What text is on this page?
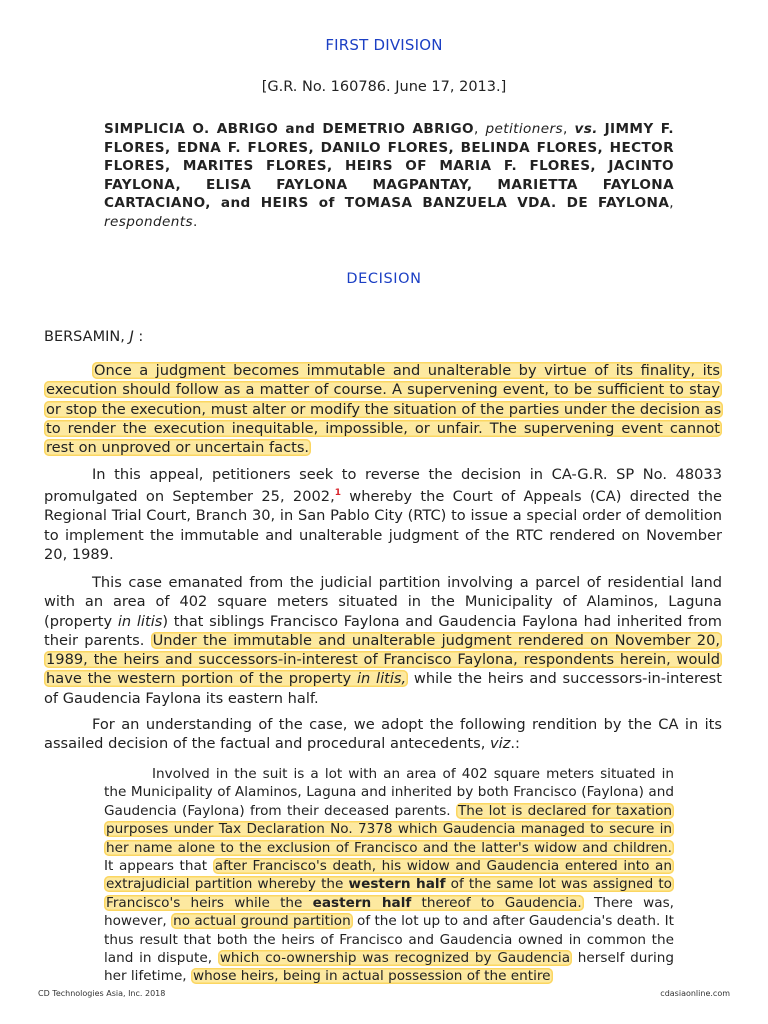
FIRST DIVISION
[G.R. No. 160786. June 17, 2013.]
SIMPLICIA O. ABRIGO and DEMETRIO ABRIGO, petitioners, vs. JIMMY F. FLORES, EDNA F. FLORES, DANILO FLORES, BELINDA FLORES, HECTOR FLORES, MARITES FLORES, HEIRS OF MARIA F. FLORES, JACINTO FAYLONA, ELISA FAYLONA MAGPANTAY, MARIETTA FAYLONA CARTACIANO, and HEIRS of TOMASA BANZUELA VDA. DE FAYLONA, respondents.
DECISION
BERSAMIN, J :
Once a judgment becomes immutable and unalterable by virtue of its finality, its execution should follow as a matter of course. A supervening event, to be sufficient to stay or stop the execution, must alter or modify the situation of the parties under the decision as to render the execution inequitable, impossible, or unfair. The supervening event cannot rest on unproved or uncertain facts.
In this appeal, petitioners seek to reverse the decision in CA-G.R. SP No. 48033 promulgated on September 25, 2002,$^1$ whereby the Court of Appeals (CA) directed the Regional Trial Court, Branch 30, in San Pablo City (RTC) to issue a special order of demolition to implement the immutable and unalterable judgment of the RTC rendered on November 20, 1989.
This case emanated from the judicial partition involving a parcel of residential land with an area of 402 square meters situated in the Municipality of Alaminos, Laguna (property in litis) that siblings Francisco Faylona and Gaudencia Faylona had inherited from their parents. Under the immutable and unalterable judgment rendered on November 20, 1989, the heirs and successors-in-interest of Francisco Faylona, respondents herein, would have the western portion of the property in litis, while the heirs and successors-in-interest of Gaudencia Faylona its eastern half.
For an understanding of the case, we adopt the following rendition by the CA in its assailed decision of the factual and procedural antecedents, viz.:
Involved in the suit is a lot with an area of 402 square meters situated in the Municipality of Alaminos, Laguna and inherited by both Francisco (Faylona) and Gaudencia (Faylona) from their deceased parents. The lot is declared for taxation purposes under Tax Declaration No. 7378 which Gaudencia managed to secure in her name alone to the exclusion of Francisco and the latter's widow and children. It appears that after Francisco's death, his widow and Gaudencia entered into an extrajudicial partition whereby the western half of the same lot was assigned to Francisco's heirs while the eastern half thereof to Gaudencia. There was, however, no actual ground partition of the lot up to and after Gaudencia's death. It thus result that both the heirs of Francisco and Gaudencia owned in common the land in dispute, which co-ownership was recognized by Gaudencia herself during her lifetime, whose heirs, being in actual possession of the entire
CD Technologies Asia, Inc. 2018	cdasiaonline.com
